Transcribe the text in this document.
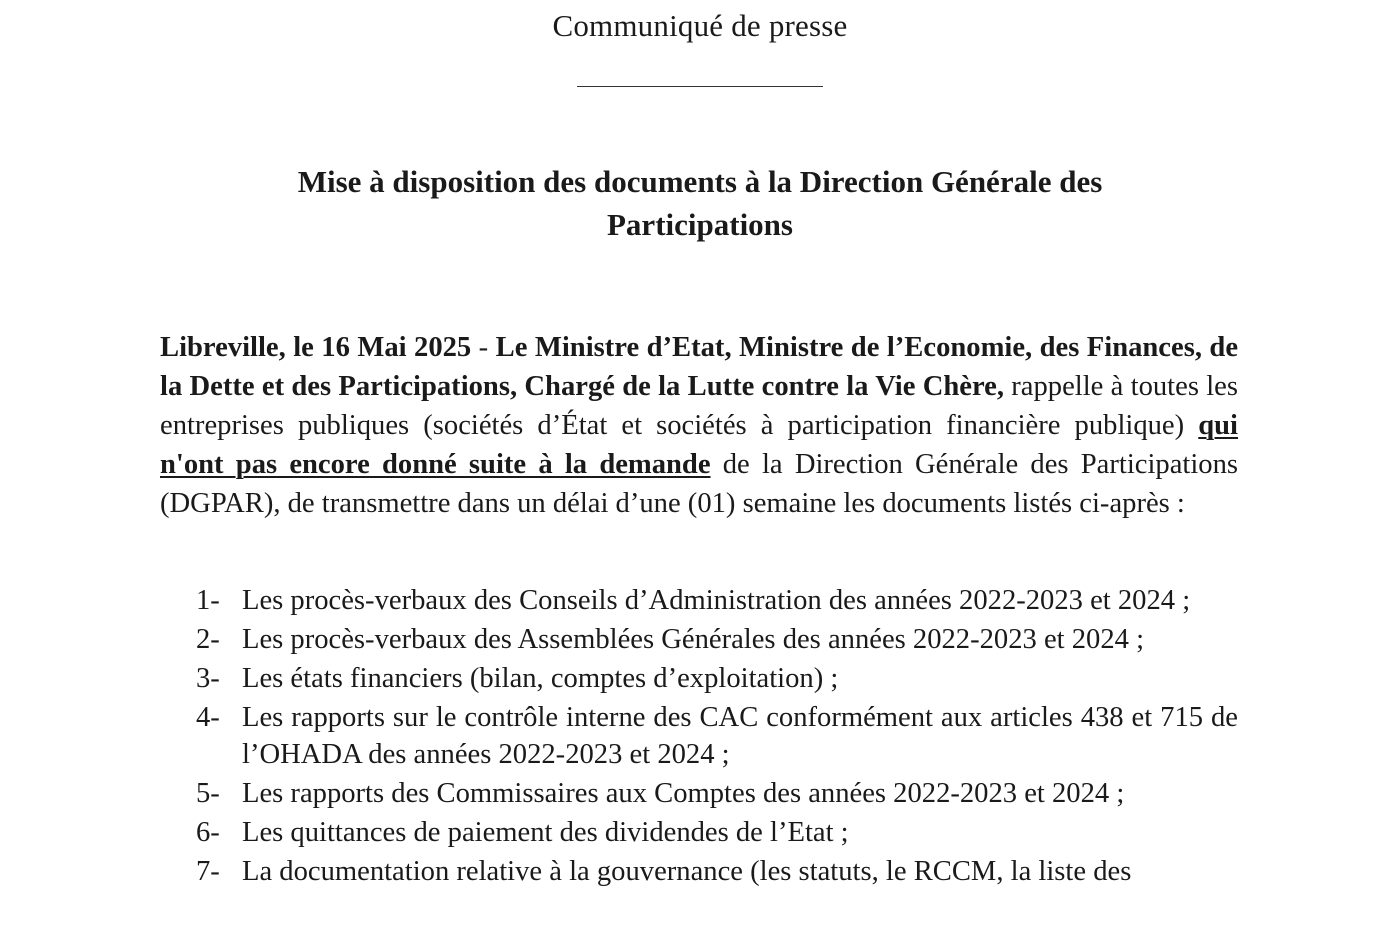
Communiqué de presse
Mise à disposition des documents à la Direction Générale des
Participations
Libreville, le 16 Mai 2025 - Le Ministre d’Etat, Ministre de l’Economie, des Finances, de la Dette et des Participations, Chargé de la Lutte contre la Vie Chère, rappelle à toutes les entreprises publiques (sociétés d’État et sociétés à participation financière publique) qui n'ont pas encore donné suite à la demande de la Direction Générale des Participations (DGPAR), de transmettre dans un délai d’une (01) semaine les documents listés ci-après :
1- Les procès-verbaux des Conseils d’Administration des années 2022-2023 et 2024 ;
2- Les procès-verbaux des Assemblées Générales des années 2022-2023 et 2024 ;
3- Les états financiers (bilan, comptes d’exploitation) ;
4- Les rapports sur le contrôle interne des CAC conformément aux articles 438 et 715 de l’OHADA des années 2022-2023 et 2024 ;
5- Les rapports des Commissaires aux Comptes des années 2022-2023 et 2024 ;
6- Les quittances de paiement des dividendes de l’Etat ;
7- La documentation relative à la gouvernance (les statuts, le RCCM, la liste des
